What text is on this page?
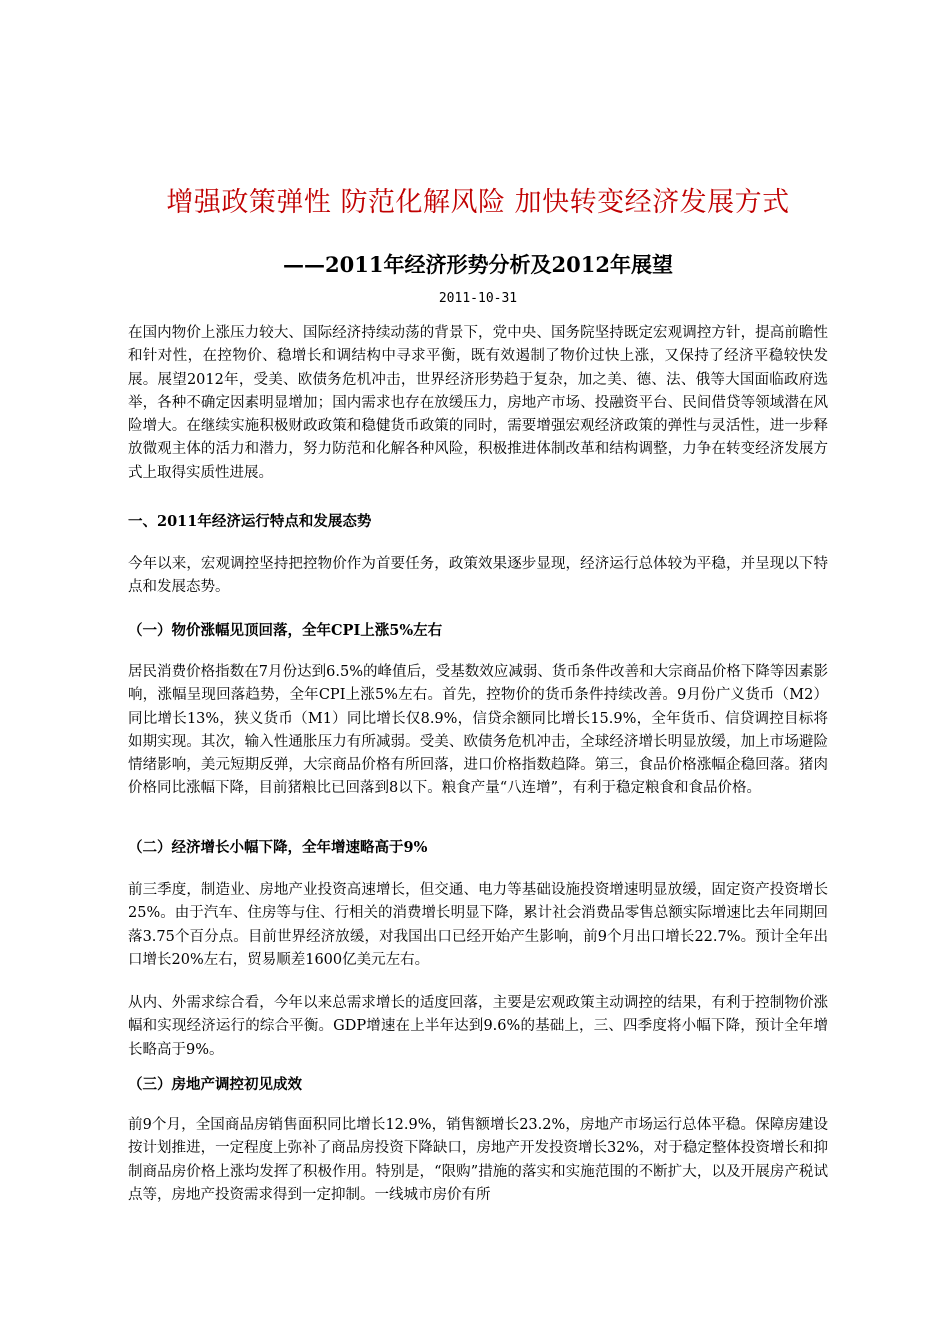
增强政策弹性 防范化解风险 加快转变经济发展方式
——2011年经济形势分析及2012年展望
2011-10-31

在国内物价上涨压力较大、国际经济持续动荡的背景下，党中央、国务院坚持既定宏观调控方针，提高前瞻性和针对性，在控物价、稳增长和调结构中寻求平衡，既有效遏制了物价过快上涨，又保持了经济平稳较快发展。展望2012年，受美、欧债务危机冲击，世界经济形势趋于复杂，加之美、德、法、俄等大国面临政府选举，各种不确定因素明显增加；国内需求也存在放缓压力，房地产市场、投融资平台、民间借贷等领域潜在风险增大。在继续实施积极财政政策和稳健货币政策的同时，需要增强宏观经济政策的弹性与灵活性，进一步释放微观主体的活力和潜力，努力防范和化解各种风险，积极推进体制改革和结构调整，力争在转变经济发展方式上取得实质性进展。

一、2011年经济运行特点和发展态势

今年以来，宏观调控坚持把控物价作为首要任务，政策效果逐步显现，经济运行总体较为平稳，并呈现以下特点和发展态势。

（一）物价涨幅见顶回落，全年CPI上涨5%左右

居民消费价格指数在7月份达到6.5%的峰值后，受基数效应减弱、货币条件改善和大宗商品价格下降等因素影响，涨幅呈现回落趋势，全年CPI上涨5%左右。首先，控物价的货币条件持续改善。9月份广义货币（M2）同比增长13%，狭义货币（M1）同比增长仅8.9%，信贷余额同比增长15.9%，全年货币、信贷调控目标将如期实现。其次，输入性通胀压力有所减弱。受美、欧债务危机冲击，全球经济增长明显放缓，加上市场避险情绪影响，美元短期反弹，大宗商品价格有所回落，进口价格指数趋降。第三，食品价格涨幅企稳回落。猪肉价格同比涨幅下降，目前猪粮比已回落到8以下。粮食产量“八连增”，有利于稳定粮食和食品价格。

（二）经济增长小幅下降，全年增速略高于9%

前三季度，制造业、房地产业投资高速增长，但交通、电力等基础设施投资增速明显放缓，固定资产投资增长25%。由于汽车、住房等与住、行相关的消费增长明显下降，累计社会消费品零售总额实际增速比去年同期回落3.75个百分点。目前世界经济放缓，对我国出口已经开始产生影响，前9个月出口增长22.7%。预计全年出口增长20%左右，贸易顺差1600亿美元左右。

从内、外需求综合看，今年以来总需求增长的适度回落，主要是宏观政策主动调控的结果，有利于控制物价涨幅和实现经济运行的综合平衡。GDP增速在上半年达到9.6%的基础上，三、四季度将小幅下降，预计全年增长略高于9%。

（三）房地产调控初见成效

前9个月，全国商品房销售面积同比增长12.9%，销售额增长23.2%，房地产市场运行总体平稳。保障房建设按计划推进，一定程度上弥补了商品房投资下降缺口，房地产开发投资增长32%，对于稳定整体投资增长和抑制商品房价格上涨均发挥了积极作用。特别是，“限购”措施的落实和实施范围的不断扩大，以及开展房产税试点等，房地产投资需求得到一定抑制。一线城市房价有所
